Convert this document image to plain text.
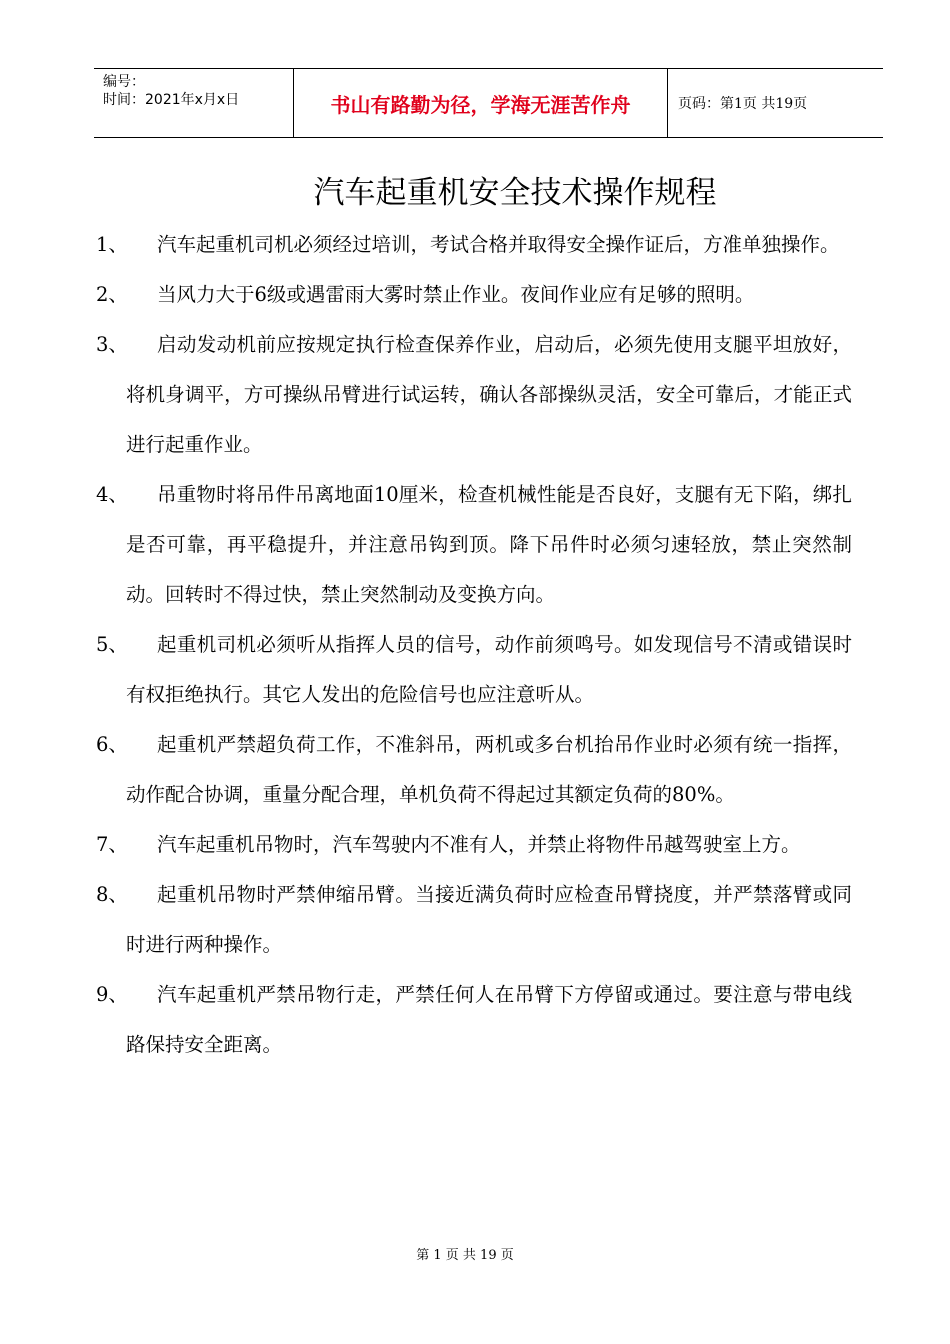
编号：
时间：2021年x月x日	书山有路勤为径，学海无涯苦作舟	页码：第1页 共19页
汽车起重机安全技术操作规程
1、	汽车起重机司机必须经过培训，考试合格并取得安全操作证后，方准单独操作。
2、	当风力大于6级或遇雷雨大雾时禁止作业。夜间作业应有足够的照明。
3、	启动发动机前应按规定执行检查保养作业，启动后，必须先使用支腿平坦放好，将机身调平，方可操纵吊臂进行试运转，确认各部操纵灵活，安全可靠后，才能正式进行起重作业。
4、	吊重物时将吊件吊离地面10厘米，检查机械性能是否良好，支腿有无下陷，绑扎是否可靠，再平稳提升，并注意吊钩到顶。降下吊件时必须匀速轻放，禁止突然制动。回转时不得过快，禁止突然制动及变换方向。
5、	起重机司机必须听从指挥人员的信号，动作前须鸣号。如发现信号不清或错误时有权拒绝执行。其它人发出的危险信号也应注意听从。
6、	起重机严禁超负荷工作，不准斜吊，两机或多台机抬吊作业时必须有统一指挥，动作配合协调，重量分配合理，单机负荷不得起过其额定负荷的80%。
7、	汽车起重机吊物时，汽车驾驶内不准有人，并禁止将物件吊越驾驶室上方。
8、	起重机吊物时严禁伸缩吊臂。当接近满负荷时应检查吊臂挠度，并严禁落臂或同时进行两种操作。
9、	汽车起重机严禁吊物行走，严禁任何人在吊臂下方停留或通过。要注意与带电线路保持安全距离。
第 1 页 共 19 页
